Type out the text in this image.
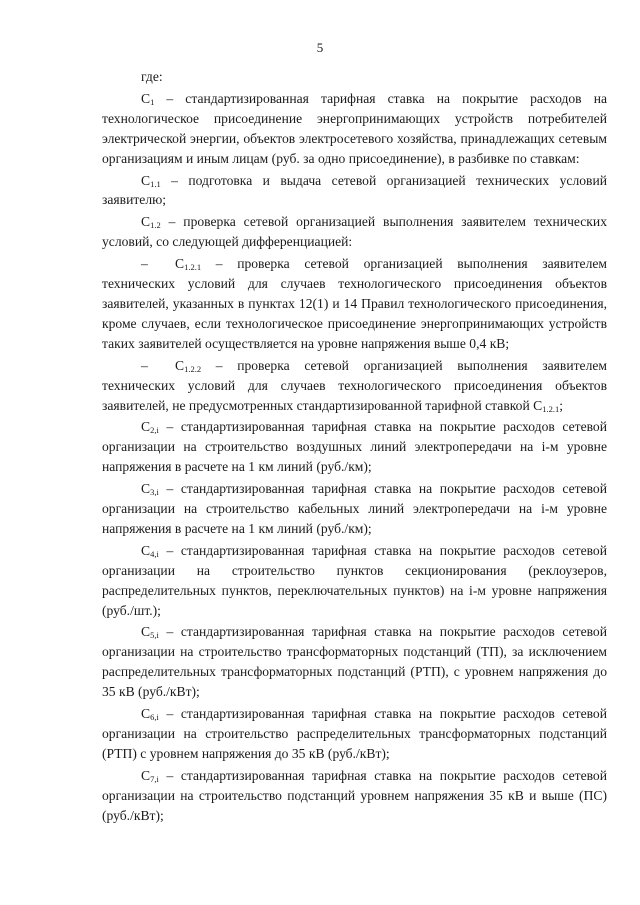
5

где:

$C_1$ – стандартизированная тарифная ставка на покрытие расходов на технологическое присоединение энергопринимающих устройств потребителей электрической энергии, объектов электросетевого хозяйства, принадлежащих сетевым организациям и иным лицам (руб. за одно присоединение), в разбивке по ставкам:

$C_{1.1}$ – подготовка и выдача сетевой организацией технических условий заявителю;

$C_{1.2}$ – проверка сетевой организацией выполнения заявителем технических условий, со следующей дифференциацией:

– $C_{1.2.1}$ – проверка сетевой организацией выполнения заявителем технических условий для случаев технологического присоединения объектов заявителей, указанных в пунктах 12(1) и 14 Правил технологического присоединения, кроме случаев, если технологическое присоединение энергопринимающих устройств таких заявителей осуществляется на уровне напряжения выше 0,4 кВ;

– $C_{1.2.2}$ – проверка сетевой организацией выполнения заявителем технических условий для случаев технологического присоединения объектов заявителей, не предусмотренных стандартизированной тарифной ставкой $C_{1.2.1}$;

$C_{2,i}$ – стандартизированная тарифная ставка на покрытие расходов сетевой организации на строительство воздушных линий электропередачи на i-м уровне напряжения в расчете на 1 км линий (руб./км);

$C_{3,i}$ – стандартизированная тарифная ставка на покрытие расходов сетевой организации на строительство кабельных линий электропередачи на i-м уровне напряжения в расчете на 1 км линий (руб./км);

$C_{4,i}$ – стандартизированная тарифная ставка на покрытие расходов сетевой организации на строительство пунктов секционирования (реклоузеров, распределительных пунктов, переключательных пунктов) на i-м уровне напряжения (руб./шт.);

$C_{5,i}$ – стандартизированная тарифная ставка на покрытие расходов сетевой организации на строительство трансформаторных подстанций (ТП), за исключением распределительных трансформаторных подстанций (РТП), с уровнем напряжения до 35 кВ (руб./кВт);

$C_{6,i}$ – стандартизированная тарифная ставка на покрытие расходов сетевой организации на строительство распределительных трансформаторных подстанций (РТП) с уровнем напряжения до 35 кВ (руб./кВт);

$C_{7,i}$ – стандартизированная тарифная ставка на покрытие расходов сетевой организации на строительство подстанций уровнем напряжения 35 кВ и выше (ПС) (руб./кВт);
